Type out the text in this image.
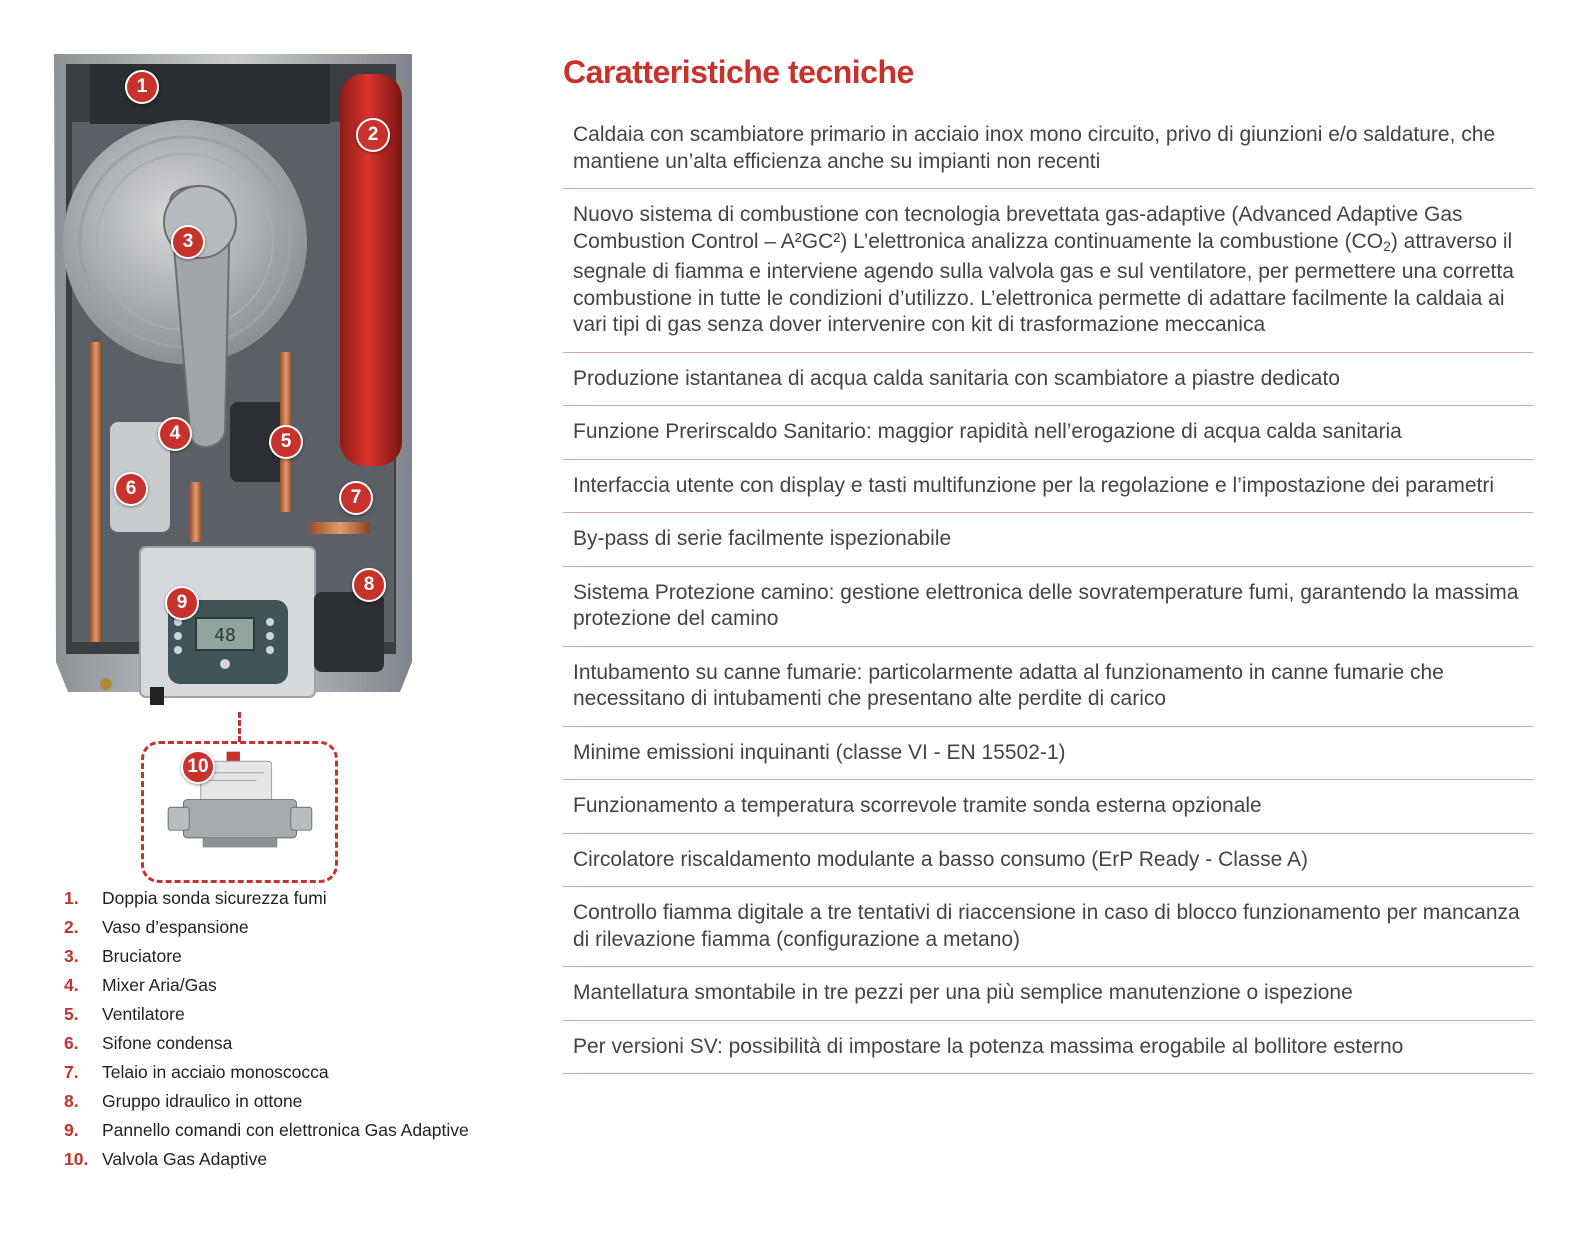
Caratteristiche tecniche
Caldaia con scambiatore primario in acciaio inox mono circuito, privo di giunzioni e/o saldature, che mantiene un’alta efficienza anche su impianti non recenti
Nuovo sistema di combustione con tecnologia brevettata gas-adaptive (Advanced Adaptive Gas Combustion Control – A²GC²) L’elettronica analizza continuamente la combustione $(CO_2)$ attraverso il segnale di fiamma e interviene agendo sulla valvola gas e sul ventilatore, per permettere una corretta combustione in tutte le condizioni d’utilizzo. L’elettronica permette di adattare facilmente la caldaia ai vari tipi di gas senza dover intervenire con kit di trasformazione meccanica
Produzione istantanea di acqua calda sanitaria con scambiatore a piastre dedicato
Funzione Prerirscaldo Sanitario: maggior rapidità nell’erogazione di acqua calda sanitaria
Interfaccia utente con display e tasti multifunzione per la regolazione e l’impostazione dei parametri
By-pass di serie facilmente ispezionabile
Sistema Protezione camino: gestione elettronica delle sovratemperature fumi, garantendo la massima protezione del camino
Intubamento su canne fumarie: particolarmente adatta al funzionamento in canne fumarie che necessitano di intubamenti che presentano alte perdite di carico
Minime emissioni inquinanti (classe VI - EN 15502-1)
Funzionamento a temperatura scorrevole tramite sonda esterna opzionale
Circolatore riscaldamento modulante a basso consumo (ErP Ready - Classe A)
Controllo fiamma digitale a tre tentativi di riaccensione in caso di blocco funzionamento per mancanza di rilevazione fiamma (configurazione a metano)
Mantellatura smontabile in tre pezzi per una più semplice manutenzione o ispezione
Per versioni SV: possibilità di impostare la potenza massima erogabile al bollitore esterno
48
1
2
3
4	5
6	7
8
9
10
1.	Doppia sonda sicurezza fumi
2.	Vaso d’espansione
3.	Bruciatore
4.	Mixer Aria/Gas
5.	Ventilatore
6.	Sifone condensa
7.	Telaio in acciaio monoscocca
8.	Gruppo idraulico in ottone
9.	Pannello comandi con elettronica Gas Adaptive
10. Valvola Gas Adaptive
